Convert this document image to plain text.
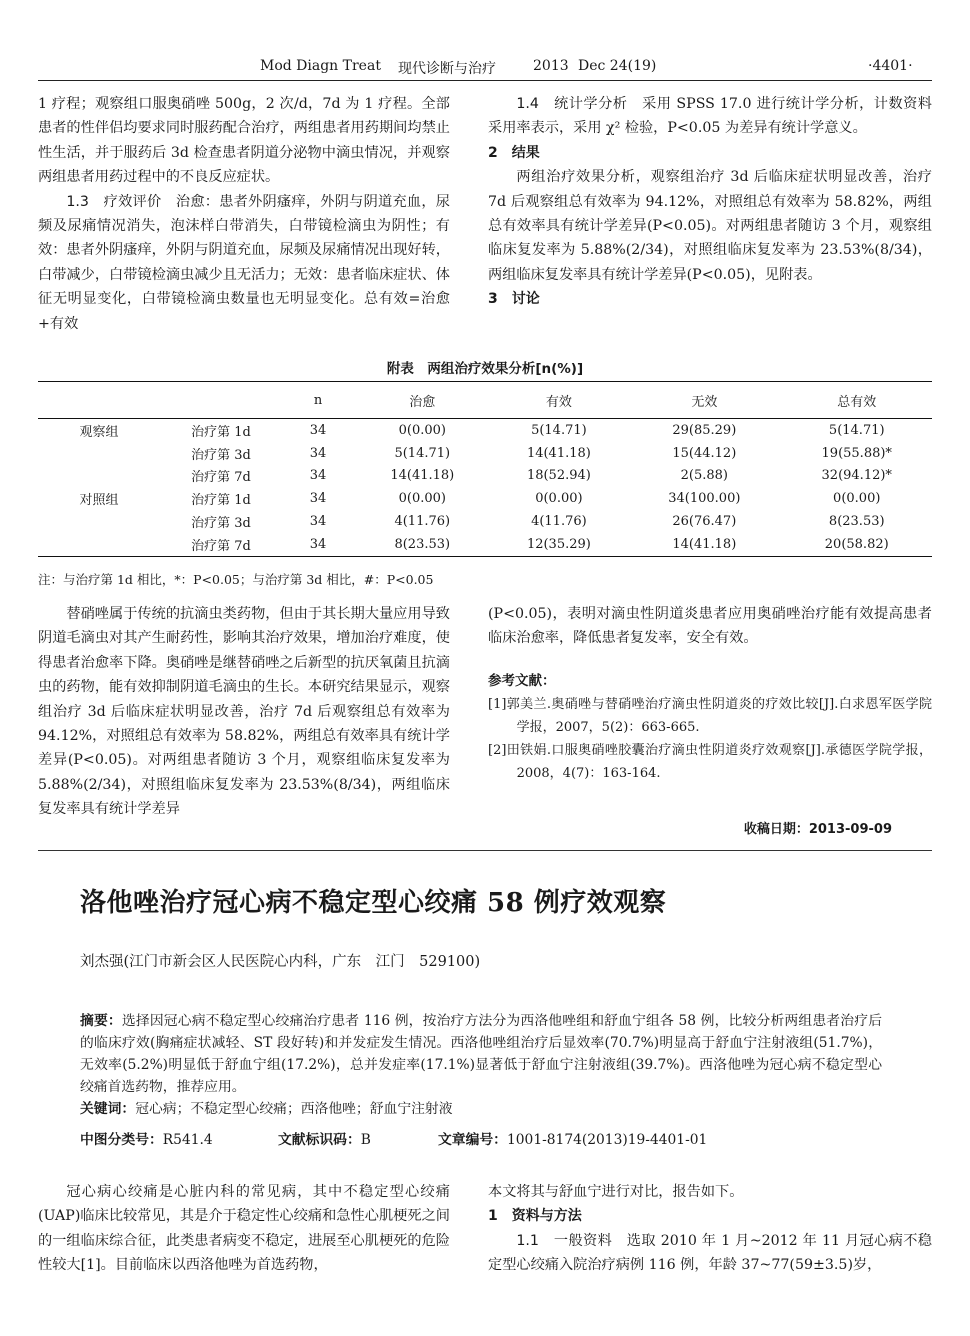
Mod Diagn Treat 现代诊断与治疗	2013 Dec 24(19)	·4401·

1 疗程；观察组口服奥硝唑 500g，2 次/d，7d 为 1 疗程。全部患者的性伴侣均要求同时服药配合治疗，两组患者用药期间均禁止性生活，并于服药后 3d 检查患者阴道分泌物中滴虫情况，并观察两组患者用药过程中的不良反应症状。

1.3　疗效评价　 治愈：患者外阴瘙痒，外阴与阴道充血，尿频及尿痛情况消失，泡沫样白带消失，白带镜检滴虫为阴性；有效：患者外阴瘙痒，外阴与阴道充血，尿频及尿痛情况出现好转，白带减少，白带镜检滴虫减少且无活力；无效：患者临床症状、体征无明显变化，白带镜检滴虫数量也无明显变化。总有效=治愈+有效

1.4　统计学分析　 采用 SPSS 17.0 进行统计学分析，计数资料采用率表示，采用 χ² 检验，P<0.05 为差异有统计学意义。

2　结果

两组治疗效果分析，观察组治疗 3d 后临床症状明显改善，治疗 7d 后观察组总有效率为 94.12%，对照组总有效率为 58.82%，两组总有效率具有统计学差异(P<0.05)。对两组患者随访 3 个月，观察组临床复发率为 5.88%(2/34)，对照组临床复发率为 23.53%(8/34)，两组临床复发率具有统计学差异(P<0.05)，见附表。

3　讨论

附表　两组治疗效果分析[n(%)]
		n	治愈	有效	无效	总有效
观察组	治疗第 1d	34	0(0.00)	5(14.71)	29(85.29)	5(14.71)
	治疗第 3d	34	5(14.71)	14(41.18)	15(44.12)	19(55.88)*
	治疗第 7d	34	14(41.18)	18(52.94)	2(5.88)	32(94.12)*
对照组	治疗第 1d	34	0(0.00)	0(0.00)	34(100.00)	0(0.00)
	治疗第 3d	34	4(11.76)	4(11.76)	26(76.47)	8(23.53)
	治疗第 7d	34	8(23.53)	12(35.29)	14(41.18)	20(58.82)
注：与治疗第 1d 相比，*：P<0.05；与治疗第 3d 相比，#：P<0.05

替硝唑属于传统的抗滴虫类药物，但由于其长期大量应用导致阴道毛滴虫对其产生耐药性，影响其治疗效果，增加治疗难度，使得患者治愈率下降。奥硝唑是继替硝唑之后新型的抗厌氧菌且抗滴虫的药物，能有效抑制阴道毛滴虫的生长。本研究结果显示，观察组治疗 3d 后临床症状明显改善，治疗 7d 后观察组总有效率为 94.12%，对照组总有效率为 58.82%，两组总有效率具有统计学差异(P<0.05)。对两组患者随访 3 个月，观察组临床复发率为 5.88%(2/34)，对照组临床复发率为 23.53%(8/34)，两组临床复发率具有统计学差异

(P<0.05)，表明对滴虫性阴道炎患者应用奥硝唑治疗能有效提高患者临床治愈率，降低患者复发率，安全有效。

参考文献：

[1]郭美兰.奥硝唑与替硝唑治疗滴虫性阴道炎的疗效比较[J].白求恩军医学院学报，2007，5(2)：663-665.

[2]田铁娟.口服奥硝唑胶囊治疗滴虫性阴道炎疗效观察[J].承德医学院学报，2008，4(7)：163-164.

收稿日期：2013-09-09
洛他唑治疗冠心病不稳定型心绞痛 58 例疗效观察
刘杰强(江门市新会区人民医院心内科，广东　江门　529100)

摘要：选择因冠心病不稳定型心绞痛治疗患者 116 例，按治疗方法分为西洛他唑组和舒血宁组各 58 例，比较分析两组患者治疗后的临床疗效(胸痛症状减轻、ST 段好转)和并发症发生情况。西洛他唑组治疗后显效率(70.7%)明显高于舒血宁注射液组(51.7%)，无效率(5.2%)明显低于舒血宁组(17.2%)，总并发症率(17.1%)显著低于舒血宁注射液组(39.7%)。西洛他唑为冠心病不稳定型心绞痛首选药物，推荐应用。

关键词：冠心病；不稳定型心绞痛；西洛他唑；舒血宁注射液

中图分类号：R541.4	文献标识码：B	文章编号：1001-8174(2013)19-4401-01

冠心病心绞痛是心脏内科的常见病，其中不稳定型心绞痛(UAP)临床比较常见，其是介于稳定性心绞痛和急性心肌梗死之间的一组临床综合征，此类患者病变不稳定，进展至心肌梗死的危险性较大[1]。目前临床以西洛他唑为首选药物，

本文将其与舒血宁进行对比，报告如下。

1　资料与方法

1.1　一般资料　 选取 2010 年 1 月~2012 年 11 月冠心病不稳定型心绞痛入院治疗病例 116 例，年龄 37~77(59±3.5)岁，
